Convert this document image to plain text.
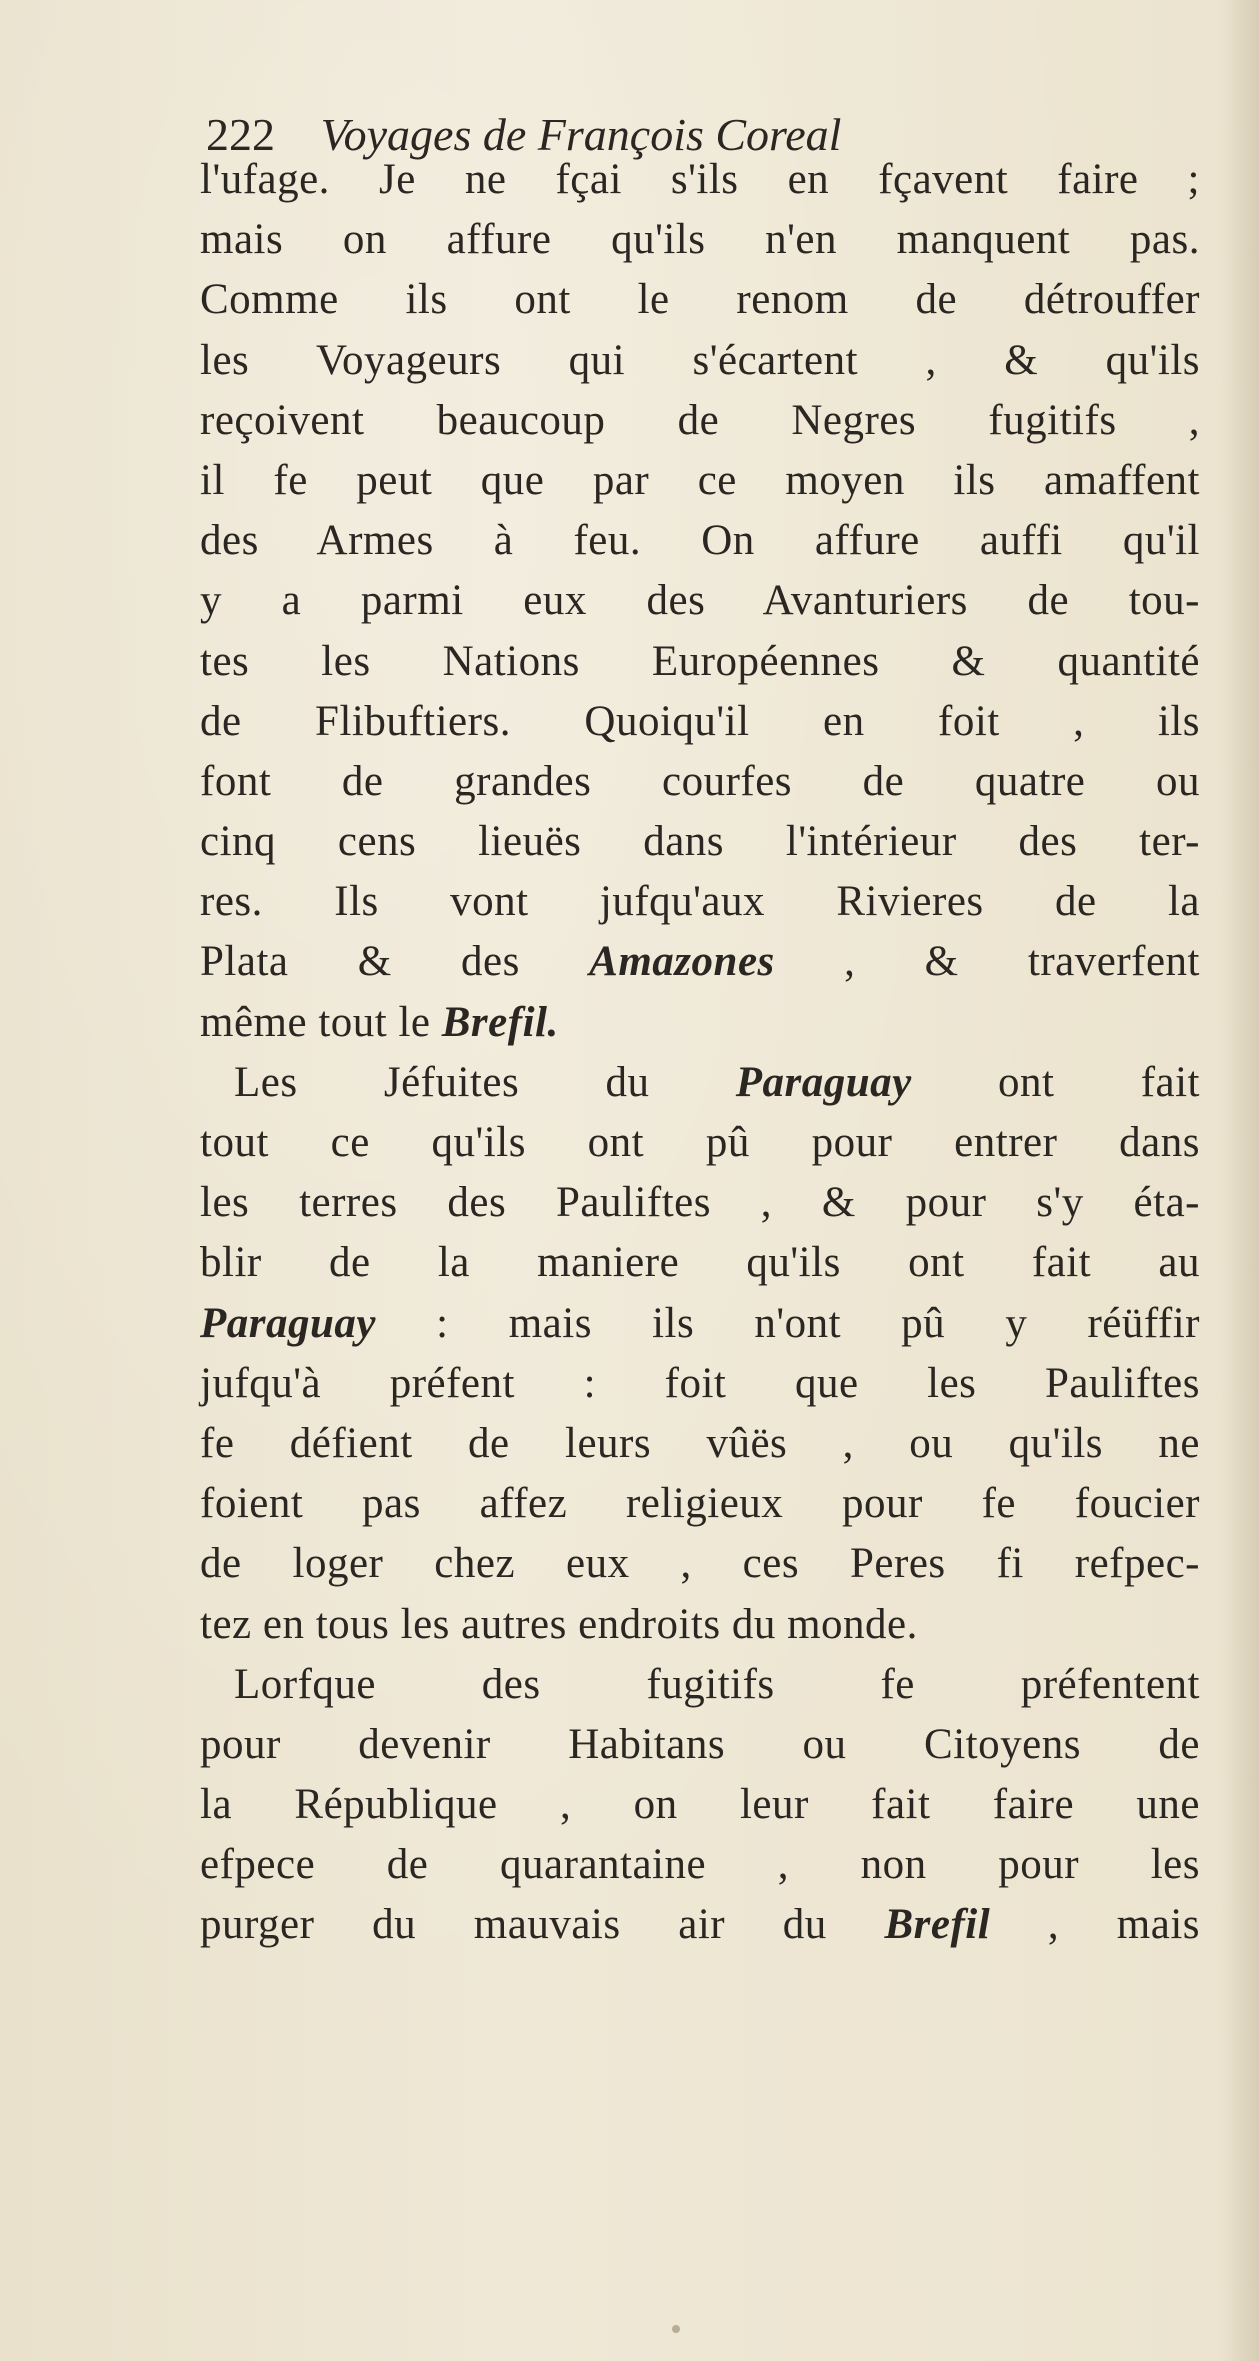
222 Voyages de François Coreal
l'ufage. Je ne fçai s'ils en fçavent faire ;
mais on affure qu'ils n'en manquent pas.
Comme ils ont le renom de détrouffer
les Voyageurs qui s'écartent , & qu'ils
reçoivent beaucoup de Negres fugitifs ,
il fe peut que par ce moyen ils amaffent
des Armes à feu. On affure auffi qu'il
y a parmi eux des Avanturiers de tou-
tes les Nations Européennes & quantité
de Flibuftiers. Quoiqu'il en foit , ils
font de grandes courfes de quatre ou
cinq cens lieuës dans l'intérieur des ter-
res. Ils vont jufqu'aux Rivieres de la
Plata & des Amazones , & traverfent
même tout le Brefil.
Les Jéfuites du Paraguay ont fait
tout ce qu'ils ont pû pour entrer dans
les terres des Pauliftes , & pour s'y éta-
blir de la maniere qu'ils ont fait au
Paraguay : mais ils n'ont pû y réüffir
jufqu'à préfent : foit que les Pauliftes
fe défient de leurs vûës , ou qu'ils ne
foient pas affez religieux pour fe foucier
de loger chez eux , ces Peres fi refpec-
tez en tous les autres endroits du monde.
Lorfque des fugitifs fe préfentent
pour devenir Habitans ou Citoyens de
la République , on leur fait faire une
efpece de quarantaine , non pour les
purger du mauvais air du Brefil , mais
